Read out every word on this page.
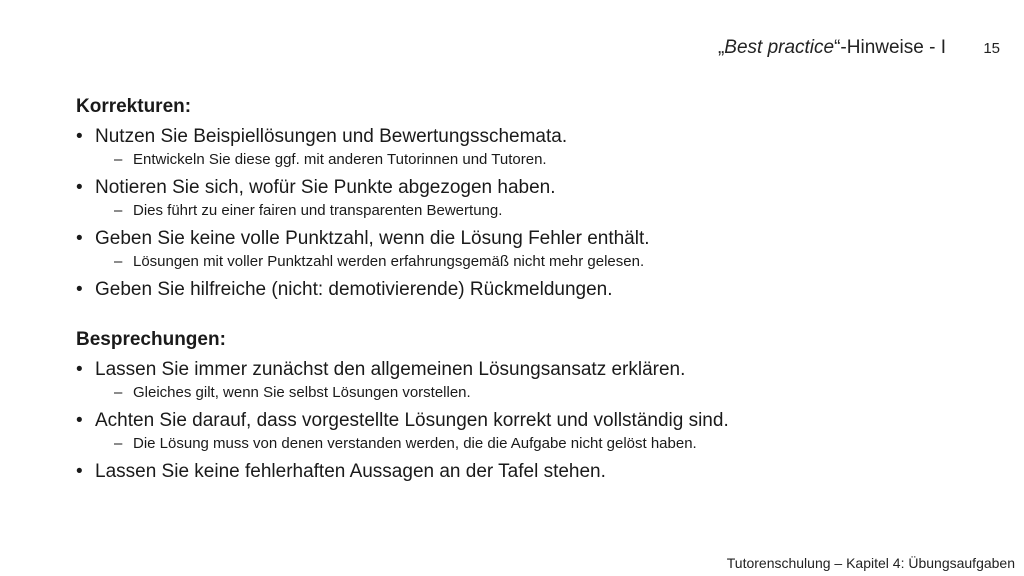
„Best practice“-Hinweise - I 15
Korrekturen:
• Nutzen Sie Beispiellösungen und Bewertungsschemata.
– Entwickeln Sie diese ggf. mit anderen Tutorinnen und Tutoren.
• Notieren Sie sich, wofür Sie Punkte abgezogen haben.
– Dies führt zu einer fairen und transparenten Bewertung.
• Geben Sie keine volle Punktzahl, wenn die Lösung Fehler enthält.
– Lösungen mit voller Punktzahl werden erfahrungsgemäß nicht mehr gelesen.
• Geben Sie hilfreiche (nicht: demotivierende) Rückmeldungen.
Besprechungen:
• Lassen Sie immer zunächst den allgemeinen Lösungsansatz erklären.
– Gleiches gilt, wenn Sie selbst Lösungen vorstellen.
• Achten Sie darauf, dass vorgestellte Lösungen korrekt und vollständig sind.
– Die Lösung muss von denen verstanden werden, die die Aufgabe nicht gelöst haben.
• Lassen Sie keine fehlerhaften Aussagen an der Tafel stehen.
Tutorenschulung – Kapitel 4: Übungsaufgaben
